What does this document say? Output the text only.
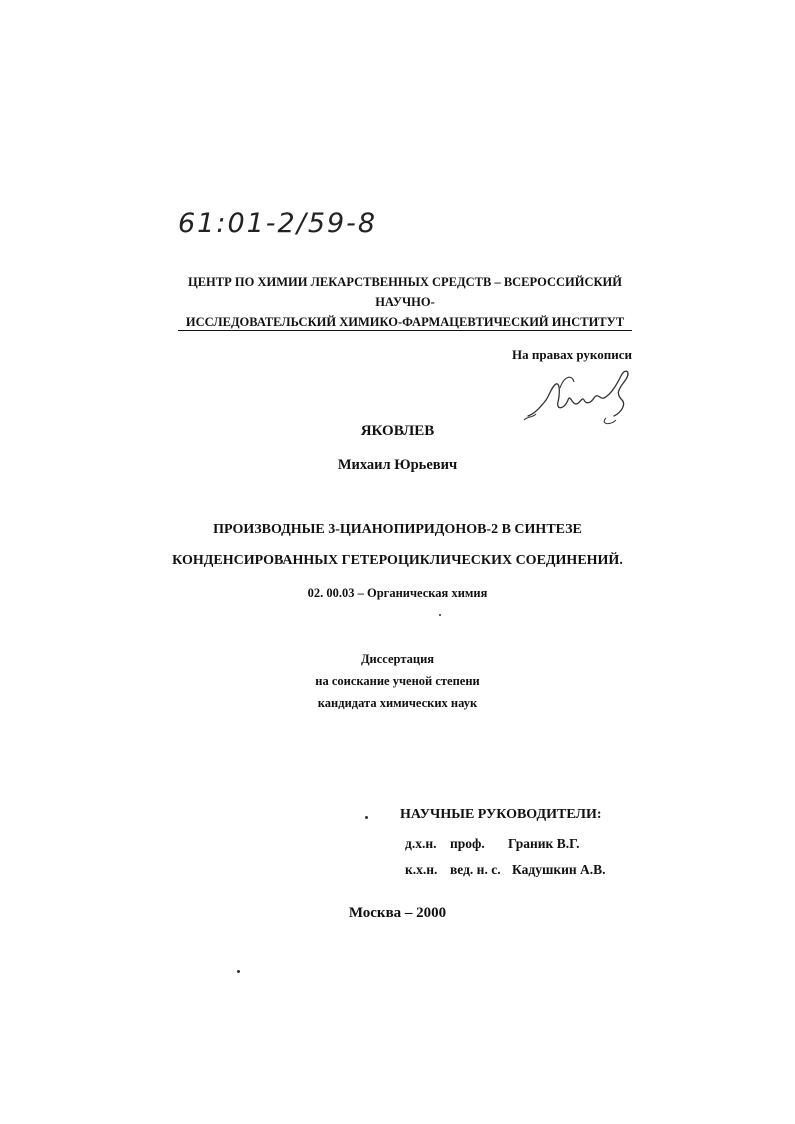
61:01-2/59-8
ЦЕНТР ПО ХИМИИ ЛЕКАРСТВЕННЫХ СРЕДСТВ – ВСЕРОССИЙСКИЙ НАУЧНО-
ИССЛЕДОВАТЕЛЬСКИЙ ХИМИКО-ФАРМАЦЕВТИЧЕСКИЙ ИНСТИТУТ
На правах рукописи
ЯКОВЛЕВ
Михаил Юрьевич
ПРОИЗВОДНЫЕ 3-ЦИАНОПИРИДОНОВ-2 В СИНТЕЗЕ
КОНДЕНСИРОВАННЫХ ГЕТЕРОЦИКЛИЧЕСКИХ СОЕДИНЕНИЙ.
02. 00.03 – Органическая химия
Диссертация
на соискание ученой степени
кандидата химических наук
НАУЧНЫЕ РУКОВОДИТЕЛИ:
д.х.н. проф. Граник В.Г.
к.х.н. вед. н. с. Кадушкин А.В.
Москва – 2000
